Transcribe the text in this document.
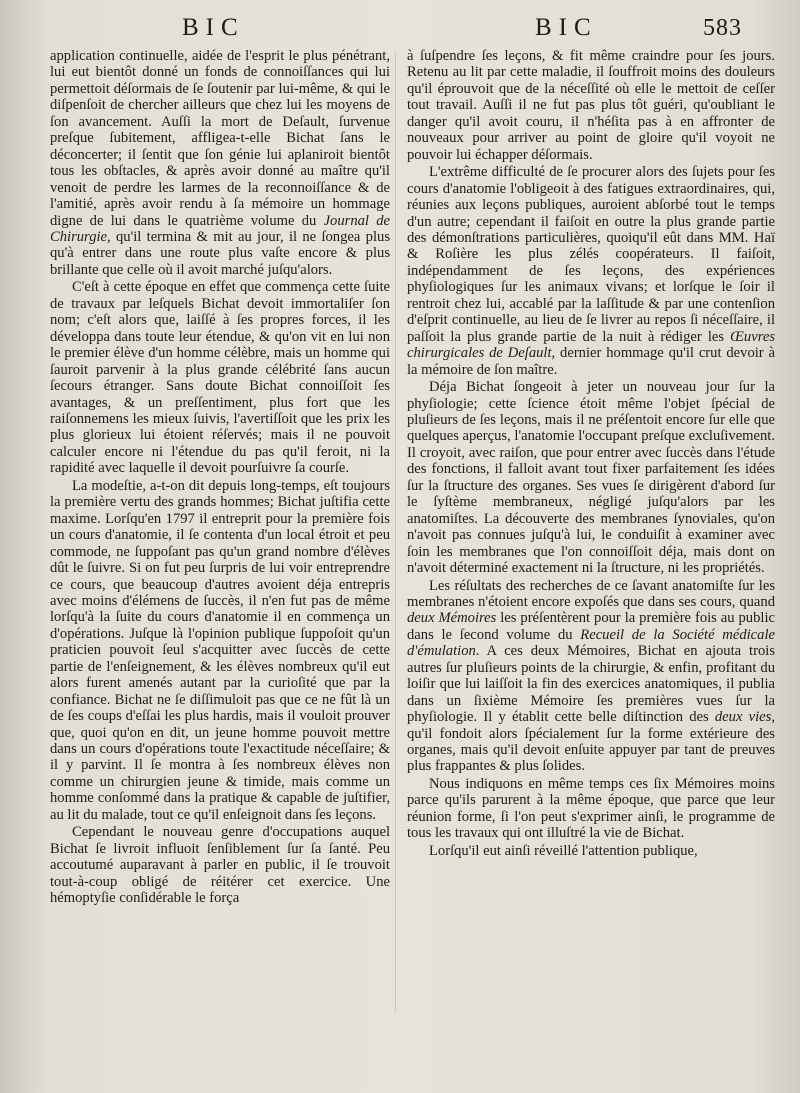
BIC	BIC	583

application continuelle, aidée de l'esprit le plus pénétrant, lui eut bientôt donné un fonds de connoiſſances qui lui permettoit déſormais de ſe ſoutenir par lui-même, & qui le diſpenſoit de chercher ailleurs que chez lui les moyens de ſon avancement. Auſſi la mort de Deſault, ſurvenue preſque ſubitement, affligea-t-elle Bichat ſans le déconcerter; il ſentit que ſon génie lui aplaniroit bientôt tous les obſtacles, & après avoir donné au maître qu'il venoit de perdre les larmes de la reconnoiſſance & de l'amitié, après avoir rendu à ſa mémoire un hommage digne de lui dans le quatrième volume du Journal de Chirurgie, qu'il termina & mit au jour, il ne ſongea plus qu'à entrer dans une route plus vaſte encore & plus brillante que celle où il avoit marché juſqu'alors.

C'eſt à cette époque en effet que commença cette ſuite de travaux par leſquels Bichat devoit immortaliſer ſon nom; c'eſt alors que, laiſſé à ſes propres forces, il les développa dans toute leur étendue, & qu'on vit en lui non le premier élève d'un homme célèbre, mais un homme qui ſauroit parvenir à la plus grande célébrité ſans aucun ſecours étranger. Sans doute Bichat connoiſſoit ſes avantages, & un preſſentiment, plus fort que les raiſonnemens les mieux ſuivis, l'avertiſſoit que les prix les plus glorieux lui étoient réſervés; mais il ne pouvoit calculer encore ni l'étendue du pas qu'il feroit, ni la rapidité avec laquelle il devoit pourſuivre ſa courſe.

La modeſtie, a-t-on dit depuis long-temps, eſt toujours la première vertu des grands hommes; Bichat juſtifia cette maxime. Lorſqu'en 1797 il entreprit pour la première fois un cours d'anatomie, il ſe contenta d'un local étroit et peu commode, ne ſuppoſant pas qu'un grand nombre d'élèves dût le ſuivre. Si on fut peu ſurpris de lui voir entreprendre ce cours, que beaucoup d'autres avoient déja entrepris avec moins d'élémens de ſuccès, il n'en fut pas de même lorſqu'à la ſuite du cours d'anatomie il en commença un d'opérations. Juſque là l'opinion publique ſuppoſoit qu'un praticien pouvoit ſeul s'acquitter avec ſuccès de cette partie de l'enſeignement, & les élèves nombreux qu'il eut alors furent amenés autant par la curioſité que par la confiance. Bichat ne ſe diſſimuloit pas que ce ne fût là un de ſes coups d'eſſai les plus hardis, mais il vouloit prouver que, quoi qu'on en dit, un jeune homme pouvoit mettre dans un cours d'opérations toute l'exactitude néceſſaire; & il y parvint. Il ſe montra à ſes nombreux élèves non comme un chirurgien jeune & timide, mais comme un homme conſommé dans la pratique & capable de juſtifier, au lit du malade, tout ce qu'il enſeignoit dans ſes leçons.

Cependant le nouveau genre d'occupations auquel Bichat ſe livroit influoit ſenſiblement ſur ſa ſanté. Peu accoutumé auparavant à parler en public, il ſe trouvoit tout-à-coup obligé de réitérer cet exercice. Une hémoptyſie conſidérable le força

à ſuſpendre ſes leçons, & fit même craindre pour ſes jours. Retenu au lit par cette maladie, il ſouffroit moins des douleurs qu'il éprouvoit que de la néceſſité où elle le mettoit de ceſſer tout travail. Auſſi il ne fut pas plus tôt guéri, qu'oubliant le danger qu'il avoit couru, il n'héſita pas à en affronter de nouveaux pour arriver au point de gloire qu'il voyoit ne pouvoir lui échapper déſormais.

L'extrême difficulté de ſe procurer alors des ſujets pour ſes cours d'anatomie l'obligeoit à des fatigues extraordinaires, qui, réunies aux leçons publiques, auroient abſorbé tout le temps d'un autre; cependant il faiſoit en outre la plus grande partie des démonſtrations particulières, quoiqu'il eût dans MM. Haï & Roſière les plus zélés coopérateurs. Il faiſoit, indépendamment de ſes leçons, des expériences phyſiologiques ſur les animaux vivans; et lorſque le ſoir il rentroit chez lui, accablé par la laſſitude & par une contenſion d'eſprit continuelle, au lieu de ſe livrer au repos ſi néceſſaire, il paſſoit la plus grande partie de la nuit à rédiger les Œuvres chirurgicales de Deſault, dernier hommage qu'il crut devoir à la mémoire de ſon maître.

Déja Bichat ſongeoit à jeter un nouveau jour ſur la phyſiologie; cette ſcience étoit même l'objet ſpécial de pluſieurs de ſes leçons, mais il ne préſentoit encore ſur elle que quelques aperçus, l'anatomie l'occupant preſque excluſivement. Il croyoit, avec raiſon, que pour entrer avec ſuccès dans l'étude des fonctions, il falloit avant tout fixer parfaitement ſes idées ſur la ſtructure des organes. Ses vues ſe dirigèrent d'abord ſur le ſyſtème membraneux, négligé juſqu'alors par les anatomiſtes. La découverte des membranes ſynoviales, qu'on n'avoit pas connues juſqu'à lui, le conduiſit à examiner avec ſoin les membranes que l'on connoiſſoit déja, mais dont on n'avoit déterminé exactement ni la ſtructure, ni les propriétés.

Les réſultats des recherches de ce ſavant anatomiſte ſur les membranes n'étoient encore expoſés que dans ses cours, quand deux Mémoires les préſentèrent pour la première fois au public dans le ſecond volume du Recueil de la Société médicale d'émulation. A ces deux Mémoires, Bichat en ajouta trois autres ſur pluſieurs points de la chirurgie, & enfin, profitant du loiſir que lui laiſſoit la fin des exercices anatomiques, il publia dans un ſixième Mémoire ſes premières vues ſur la phyſiologie. Il y établit cette belle diſtinction des deux vies, qu'il fondoit alors ſpécialement ſur la forme extérieure des organes, mais qu'il devoit enſuite appuyer par tant de preuves plus frappantes & plus ſolides.

Nous indiquons en même temps ces ſix Mémoires moins parce qu'ils parurent à la même époque, que parce que leur réunion forme, ſi l'on peut s'exprimer ainſi, le programme de tous les travaux qui ont illuſtré la vie de Bichat.

Lorſqu'il eut ainſi réveillé l'attention publique,
